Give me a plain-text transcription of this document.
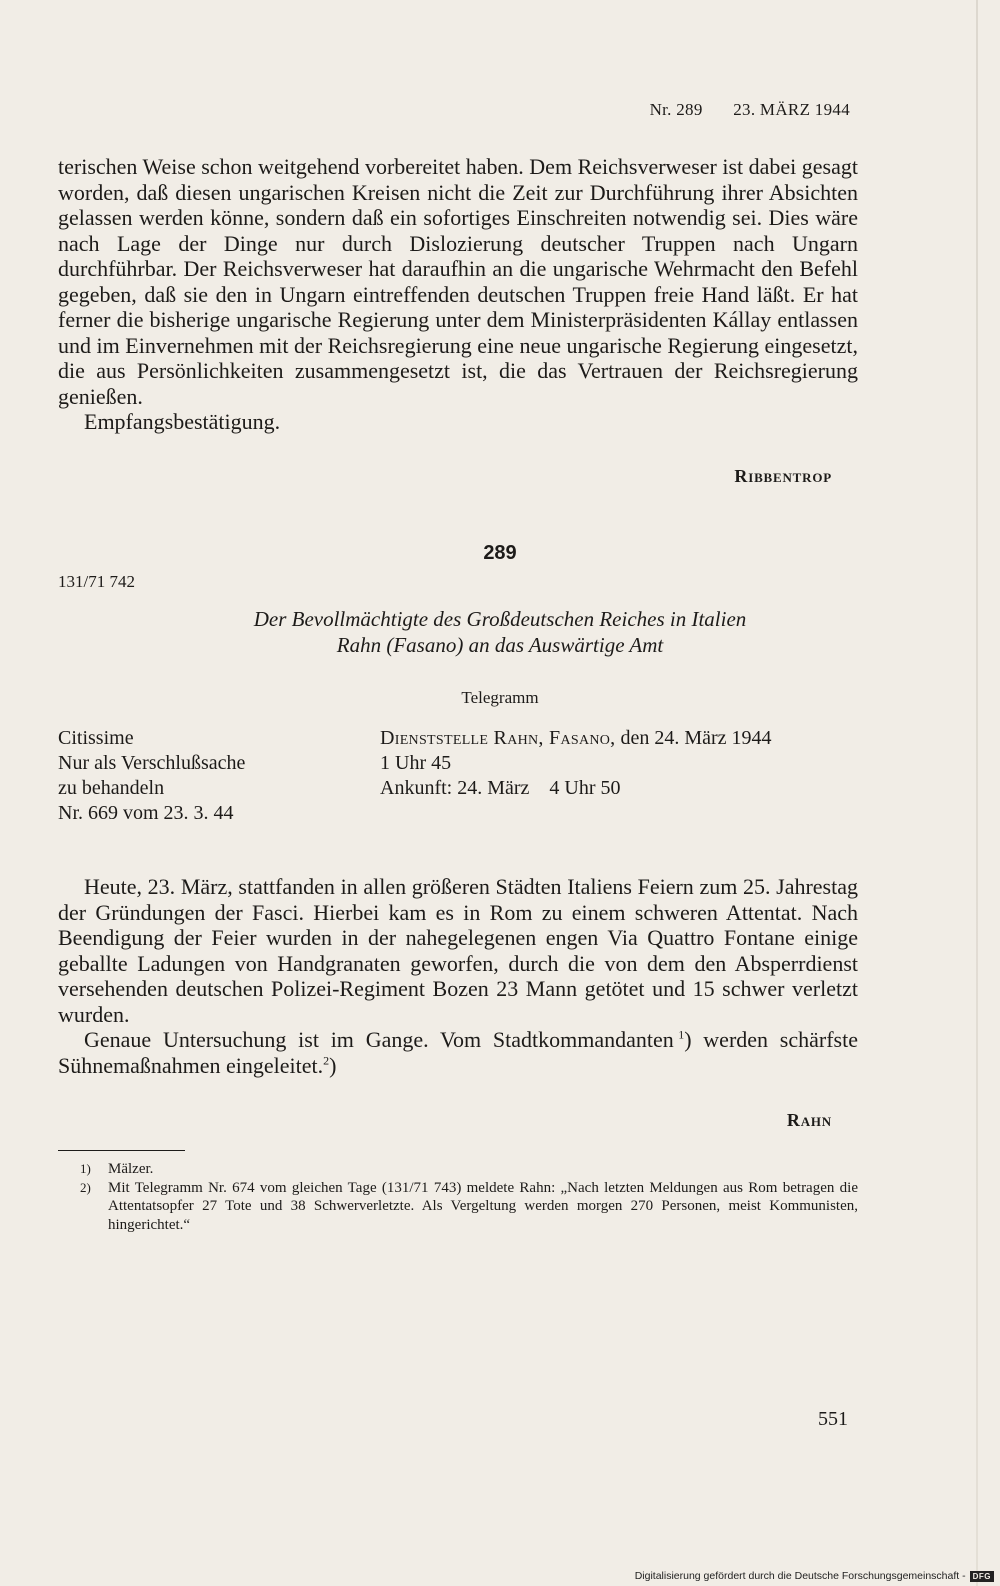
Nr. 289 23. MÄRZ 1944

terischen Weise schon weitgehend vorbereitet haben. Dem Reichsverweser ist dabei gesagt worden, daß diesen ungarischen Kreisen nicht die Zeit zur Durchführung ihrer Absichten gelassen werden könne, sondern daß ein sofortiges Einschreiten notwendig sei. Dies wäre nach Lage der Dinge nur durch Dislozierung deutscher Truppen nach Ungarn durchführbar. Der Reichsverweser hat daraufhin an die ungarische Wehrmacht den Befehl gegeben, daß sie den in Ungarn eintreffenden deutschen Truppen freie Hand läßt. Er hat ferner die bisherige ungarische Regierung unter dem Ministerpräsidenten Kállay entlassen und im Einvernehmen mit der Reichsregierung eine neue ungarische Regierung eingesetzt, die aus Persönlichkeiten zusammengesetzt ist, die das Vertrauen der Reichsregierung genießen.

Empfangsbestätigung.

Ribbentrop
289
131/71 742
Der Bevollmächtigte des Großdeutschen Reiches in Italien
Rahn (Fasano) an das Auswärtige Amt
Telegramm
Citissime
Nur als Verschlußsache
zu behandeln
Nr. 669 vom 23. 3. 44
Dienststelle Rahn, Fasano, den 24. März 1944
1 Uhr 45
Ankunft: 24. März 4 Uhr 50

Heute, 23. März, stattfanden in allen größeren Städten Italiens Feiern zum 25. Jahrestag der Gründungen der Fasci. Hierbei kam es in Rom zu einem schweren Attentat. Nach Beendigung der Feier wurden in der nahegelegenen engen Via Quattro Fontane einige geballte Ladungen von Handgranaten geworfen, durch die von dem den Absperrdienst versehenden deutschen Polizei-Regiment Bozen 23 Mann getötet und 15 schwer verletzt wurden.

Genaue Untersuchung ist im Gange. Vom Stadtkommandanten  $^1$) werden schärfste Sühnemaßnahmen eingeleitet.$^2$)

Rahn
1)	Mälzer.
2)	Mit Telegramm Nr. 674 vom gleichen Tage (131/71 743) meldete Rahn: „Nach letzten Meldungen aus Rom betragen die Attentatsopfer 27 Tote und 38 Schwerverletzte. Als Vergeltung werden morgen 270 Personen, meist Kommunisten, hingerichtet.“
551
Digitalisierung gefördert durch die Deutsche Forschungsgemeinschaft - DFG
